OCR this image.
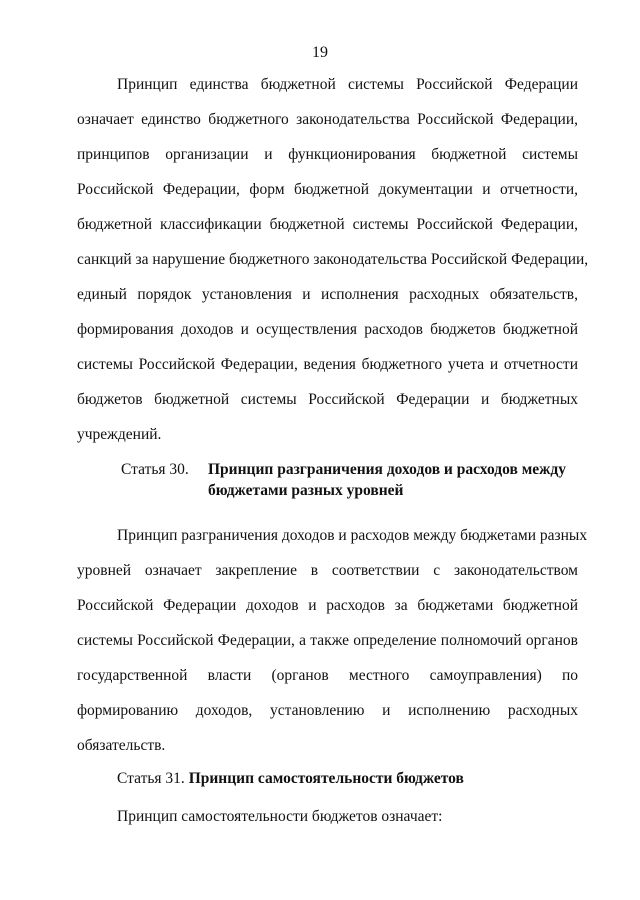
19
Принцип единства бюджетной системы Российской Федерации
означает единство бюджетного законодательства Российской Федерации,
принципов организации и функционирования бюджетной системы
Российской Федерации, форм бюджетной документации и отчетности,
бюджетной классификации бюджетной системы Российской Федерации,
санкций за нарушение бюджетного законодательства Российской Федерации,
единый порядок установления и исполнения расходных обязательств,
формирования доходов и осуществления расходов бюджетов бюджетной
системы Российской Федерации, ведения бюджетного учета и отчетности
бюджетов бюджетной системы Российской Федерации и бюджетных
учреждений.
Статья 30. Принцип разграничения доходов и расходов между
бюджетами разных уровней
Принцип разграничения доходов и расходов между бюджетами разных
уровней означает закрепление в соответствии с законодательством
Российской Федерации доходов и расходов за бюджетами бюджетной
системы Российской Федерации, а также определение полномочий органов
государственной власти (органов местного самоуправления) по
формированию доходов, установлению и исполнению расходных
обязательств.
Статья 31. Принцип самостоятельности бюджетов
Принцип самостоятельности бюджетов означает:
